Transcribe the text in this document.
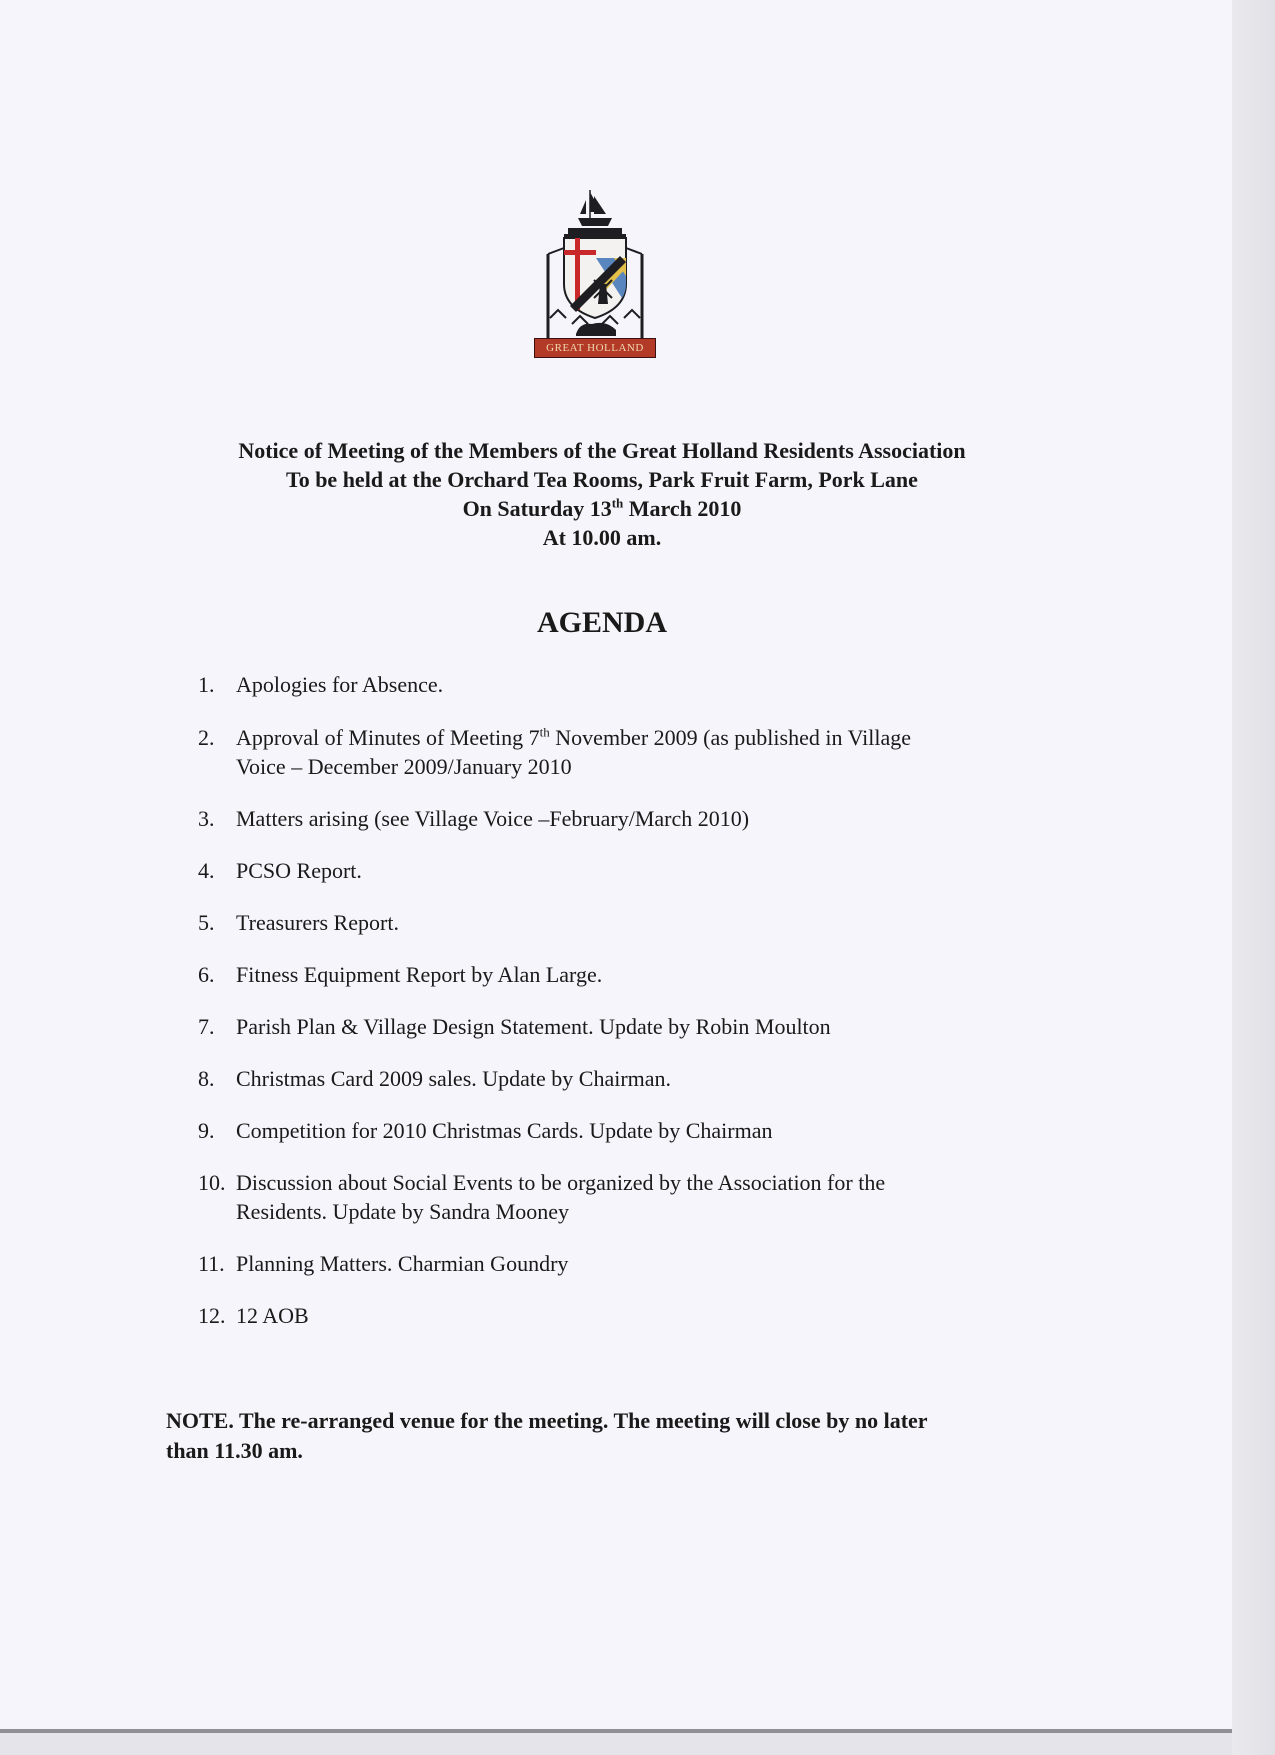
GREAT HOLLAND
Notice of Meeting of the Members of the Great Holland Residents Association
To be held at the Orchard Tea Rooms, Park Fruit Farm, Pork Lane
On Saturday 13th March 2010
At 10.00 am.
AGENDA
1. Apologies for Absence.
2. Approval of Minutes of Meeting 7th November 2009 (as published in Village
Voice – December 2009/January 2010
3. Matters arising (see Village Voice –February/March 2010)
4. PCSO Report.
5. Treasurers Report.
6. Fitness Equipment Report by Alan Large.
7. Parish Plan & Village Design Statement. Update by Robin Moulton
8. Christmas Card 2009 sales. Update by Chairman.
9. Competition for 2010 Christmas Cards. Update by Chairman
10. Discussion about Social Events to be organized by the Association for the
Residents. Update by Sandra Mooney
11. Planning Matters. Charmian Goundry
12. 12 AOB
NOTE. The re-arranged venue for the meeting. The meeting will close by no later
than 11.30 am.
